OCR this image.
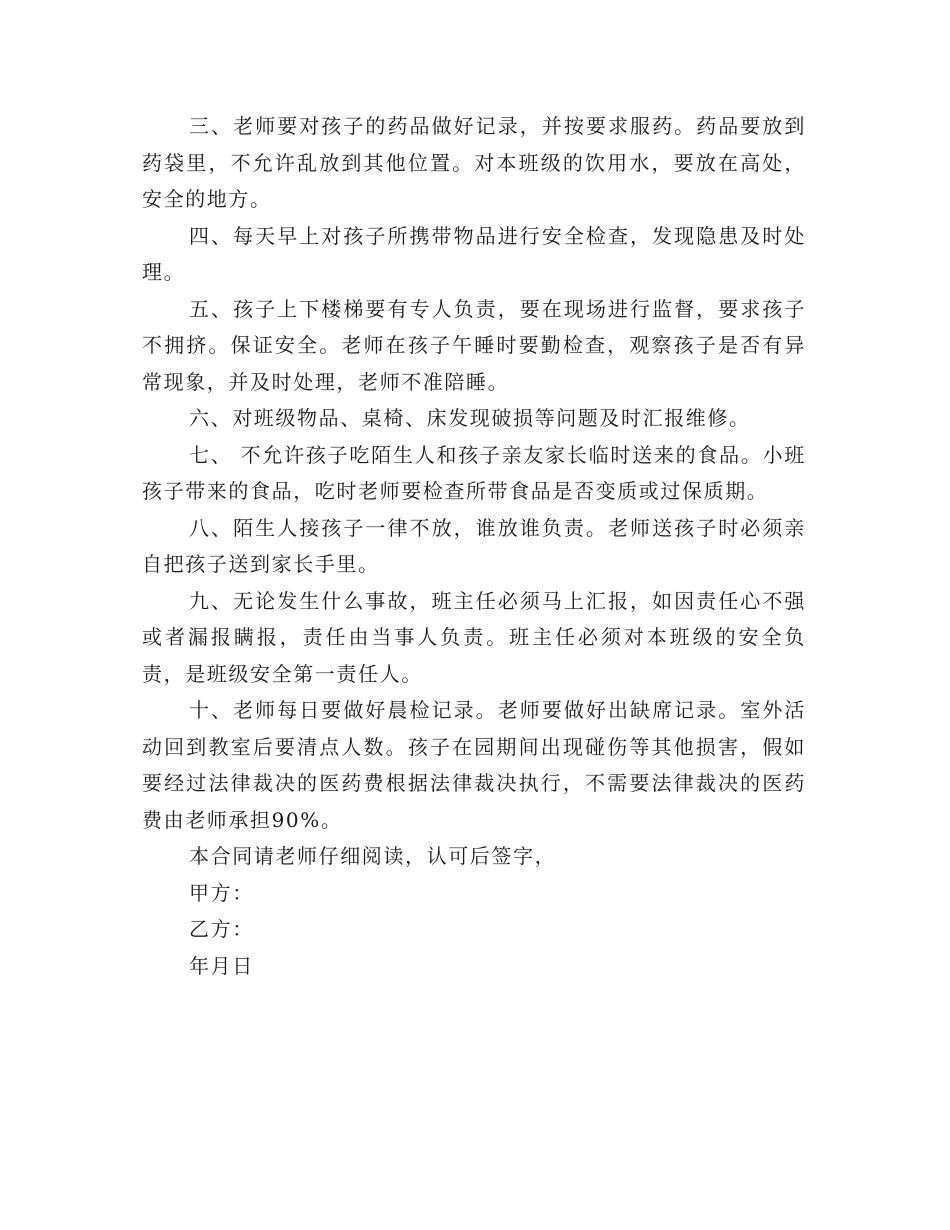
三、老师要对孩子的药品做好记录，并按要求服药。药品要放到药袋里，不允许乱放到其他位置。对本班级的饮用水，要放在高处，安全的地方。

四、每天早上对孩子所携带物品进行安全检查，发现隐患及时处理。

五、孩子上下楼梯要有专人负责，要在现场进行监督，要求孩子不拥挤。保证安全。老师在孩子午睡时要勤检查，观察孩子是否有异常现象，并及时处理，老师不准陪睡。

六、对班级物品、桌椅、床发现破损等问题及时汇报维修。

七、 不允许孩子吃陌生人和孩子亲友家长临时送来的食品。小班孩子带来的食品，吃时老师要检查所带食品是否变质或过保质期。

八、陌生人接孩子一律不放，谁放谁负责。老师送孩子时必须亲自把孩子送到家长手里。

九、无论发生什么事故，班主任必须马上汇报，如因责任心不强或者漏报瞒报，责任由当事人负责。班主任必须对本班级的安全负责，是班级安全第一责任人。

十、老师每日要做好晨检记录。老师要做好出缺席记录。室外活动回到教室后要清点人数。孩子在园期间出现碰伤等其他损害，假如要经过法律裁决的医药费根据法律裁决执行，不需要法律裁决的医药费由老师承担90%。

本合同请老师仔细阅读，认可后签字，

甲方：

乙方：

年月日
